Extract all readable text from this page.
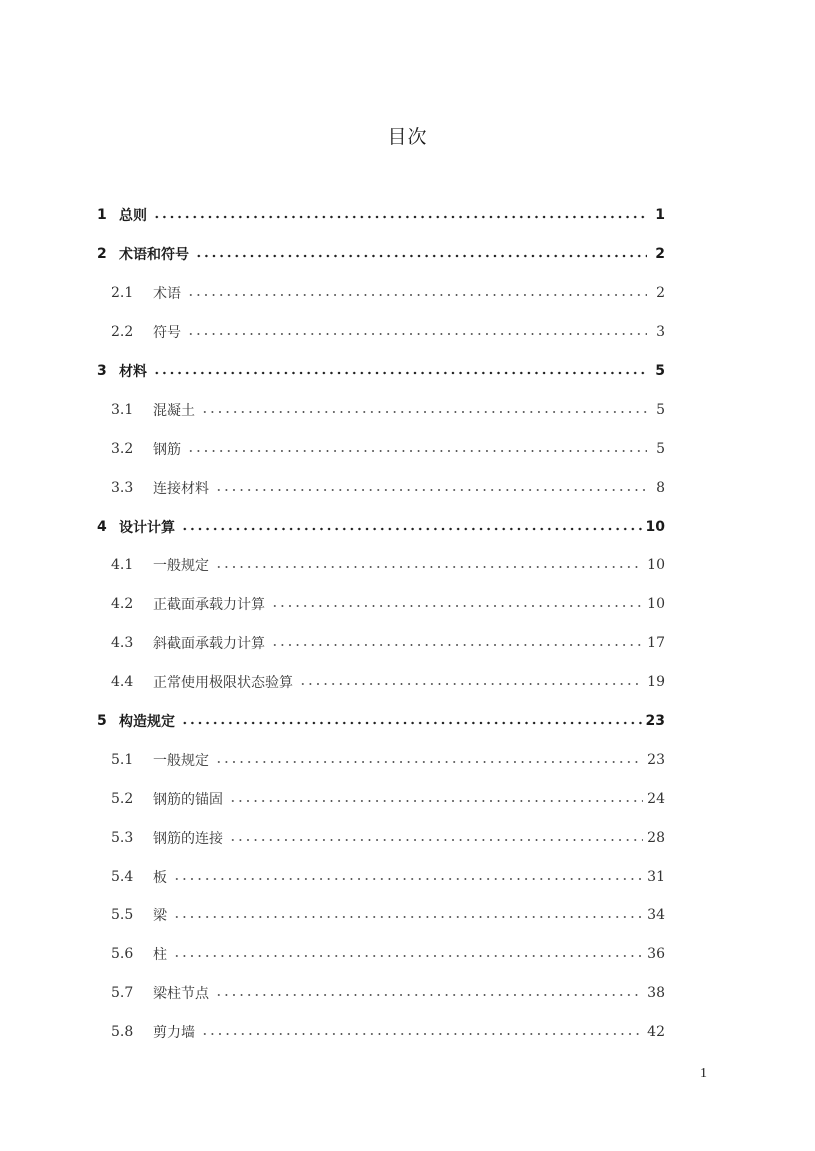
目次
1 总则	1
2 术语和符号	2
2.1	术语	2
2.2	符号	3
3 材料	5
3.1	混凝土	5
3.2	钢筋	5
3.3	连接材料	8
4 设计计算	10
4.1	一般规定	10
4.2	正截面承载力计算	10
4.3	斜截面承载力计算	17
4.4	正常使用极限状态验算	19
5 构造规定	23
5.1	一般规定	23
5.2	钢筋的锚固	24
5.3	钢筋的连接	28
5.4	板	31
5.5	梁	34
5.6	柱	36
5.7	梁柱节点	38
5.8	剪力墙	42
1
